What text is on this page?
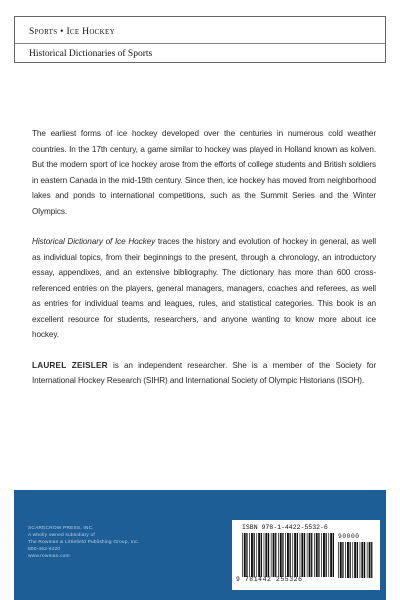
Sports • Ice Hockey
Historical Dictionaries of Sports

The earliest forms of ice hockey developed over the centuries in numerous cold weather countries. In the 17th century, a game similar to hockey was played in Holland known as kolven. But the modern sport of ice hockey arose from the efforts of college students and British soldiers in eastern Canada in the mid-19th century. Since then, ice hockey has moved from neighborhood lakes and ponds to international competitions, such as the Summit Series and the Winter Olympics.

Historical Dictionary of Ice Hockey traces the history and evolution of hockey in general, as well as individual topics, from their beginnings to the present, through a chronology, an introductory essay, appendixes, and an extensive bibliography. The dictionary has more than 600 cross-referenced entries on the players, general managers, managers, coaches and referees, as well as entries for individual teams and leagues, rules, and statistical categories. This book is an excellent resource for students, researchers, and anyone wanting to know more about ice hockey.

LAUREL ZEISLER is an independent researcher. She is a member of the Society for International Hockey Research (SIHR) and International Society of Olympic Historians (ISOH).

SCARECROW PRESS, INC.
A wholly owned subsidiary of
The Rowman & Littlefield Publishing Group, Inc.
800-462-6420
www.rowman.com
ISBN 978-1-4422-5532-6
9 781442 255326
90000
